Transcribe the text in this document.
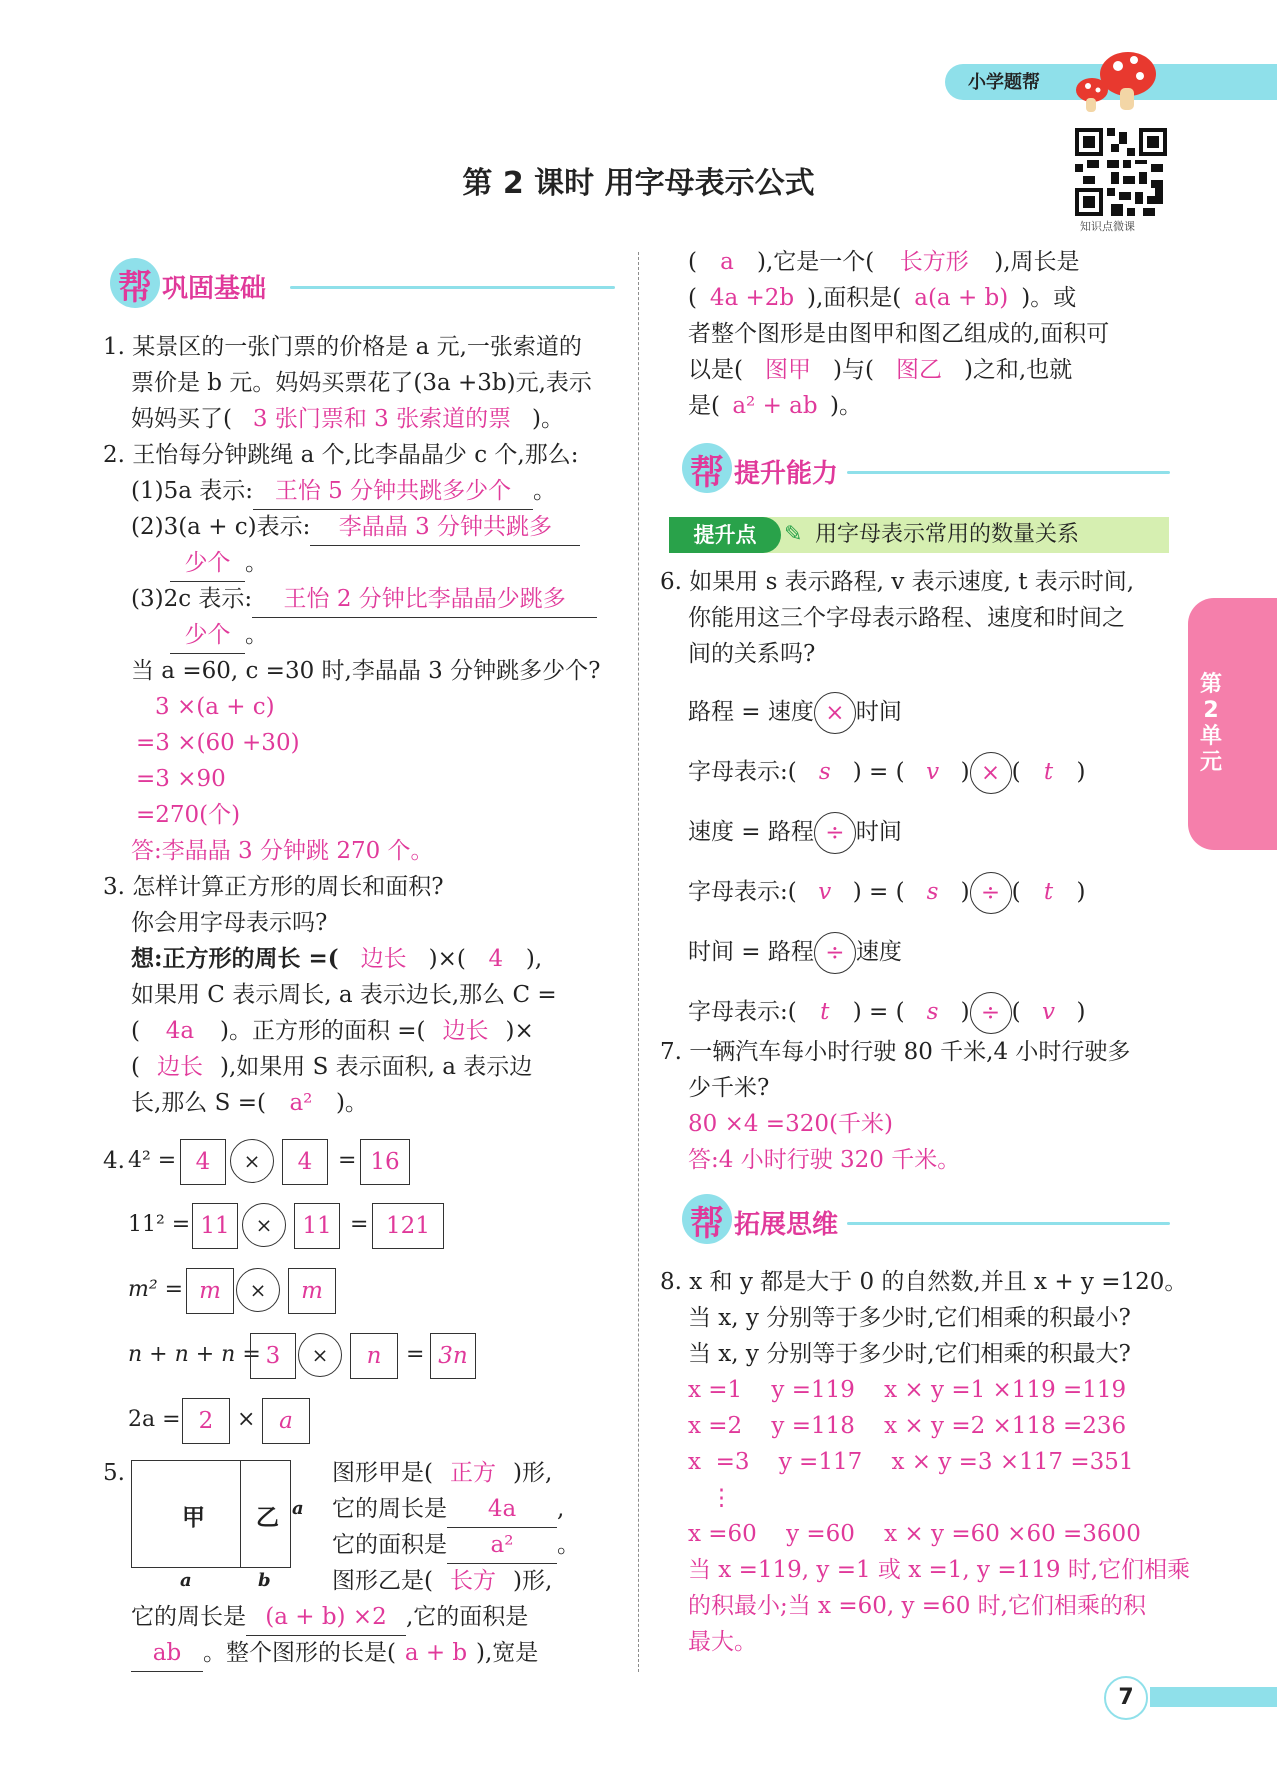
小学题帮
第 2 课时 用字母表示公式
知识点微课
帮 巩固基础
1. 某景区的一张门票的价格是 a 元,一张索道的
票价是 b 元。妈妈买票花了(3a +3b)元,表示
妈妈买了( 3 张门票和 3 张索道的票 )。
2. 王怡每分钟跳绳 a 个,比李晶晶少 c 个,那么:
(1)5a 表示: 王怡 5 分钟共跳多少个 。
(2)3(a + c)表示: 李晶晶 3 分钟共跳多
少个 。
(3)2c 表示: 王怡 2 分钟比李晶晶少跳多
少个 。
当 a =60, c =30 时,李晶晶 3 分钟跳多少个?
3 ×(a + c)
=3 ×(60 +30)
=3 ×90
=270(个)
答:李晶晶 3 分钟跳 270 个。
3. 怎样计算正方形的周长和面积?
你会用字母表示吗?
想:正方形的周长 =( 边长 )×( 4 ),
如果用 C 表示周长, a 表示边长,那么 C =
( 4a )。正方形的面积 =( 边长 )×
( 边长 ),如果用 S 表示面积, a 表示边
长,那么 S =( a² )。
4. 4² = 4	×	4	= 16
11² = 11	×	11 = 121
m² = m	×	m
n + n + n = 3	×	n	= 3n
2a = 2	×	a
5.
甲 乙 a
a	b
图形甲是( 正方 )形,
它的周长是 4a ,
它的面积是 a² 。
图形乙是( 长方 )形,
它的周长是 (a + b) ×2 ,它的面积是
ab 。整个图形的长是( a + b ),宽是
( a ),它是一个( 长方形 ),周长是
( 4a +2b ),面积是( a(a + b) )。或
者整个图形是由图甲和图乙组成的,面积可
以是( 图甲 )与( 图乙 )之和,也就
是( a² + ab )。
帮 提升能力
提升点	✎ 用字母表示常用的数量关系
6. 如果用 s 表示路程, v 表示速度, t 表示时间,
你能用这三个字母表示路程、速度和时间之
间的关系吗?
路程 = 速度 × 时间
字母表示:( s ) = ( v ) × ( t )
速度 = 路程 ÷ 时间
字母表示:( v ) = ( s ) ÷ ( t )
时间 = 路程 ÷ 速度
字母表示:( t ) = ( s ) ÷ ( v )
7. 一辆汽车每小时行驶 80 千米,4 小时行驶多
少千米?
80 ×4 =320(千米)
答:4 小时行驶 320 千米。
帮 拓展思维
8. x 和 y 都是大于 0 的自然数,并且 x + y =120。
当 x, y 分别等于多少时,它们相乘的积最小?
当 x, y 分别等于多少时,它们相乘的积最大?
x =1    y =119    x × y =1 ×119 =119
x =2    y =118    x × y =2 ×118 =236
x  =3    y =117    x × y =3 ×117 =351
⋮
x =60    y =60    x × y =60 ×60 =3600
当 x =119, y =1 或 x =1, y =119 时,它们相乘
的积最小;当 x =60, y =60 时,它们相乘的积
最大。
第2单元
7
